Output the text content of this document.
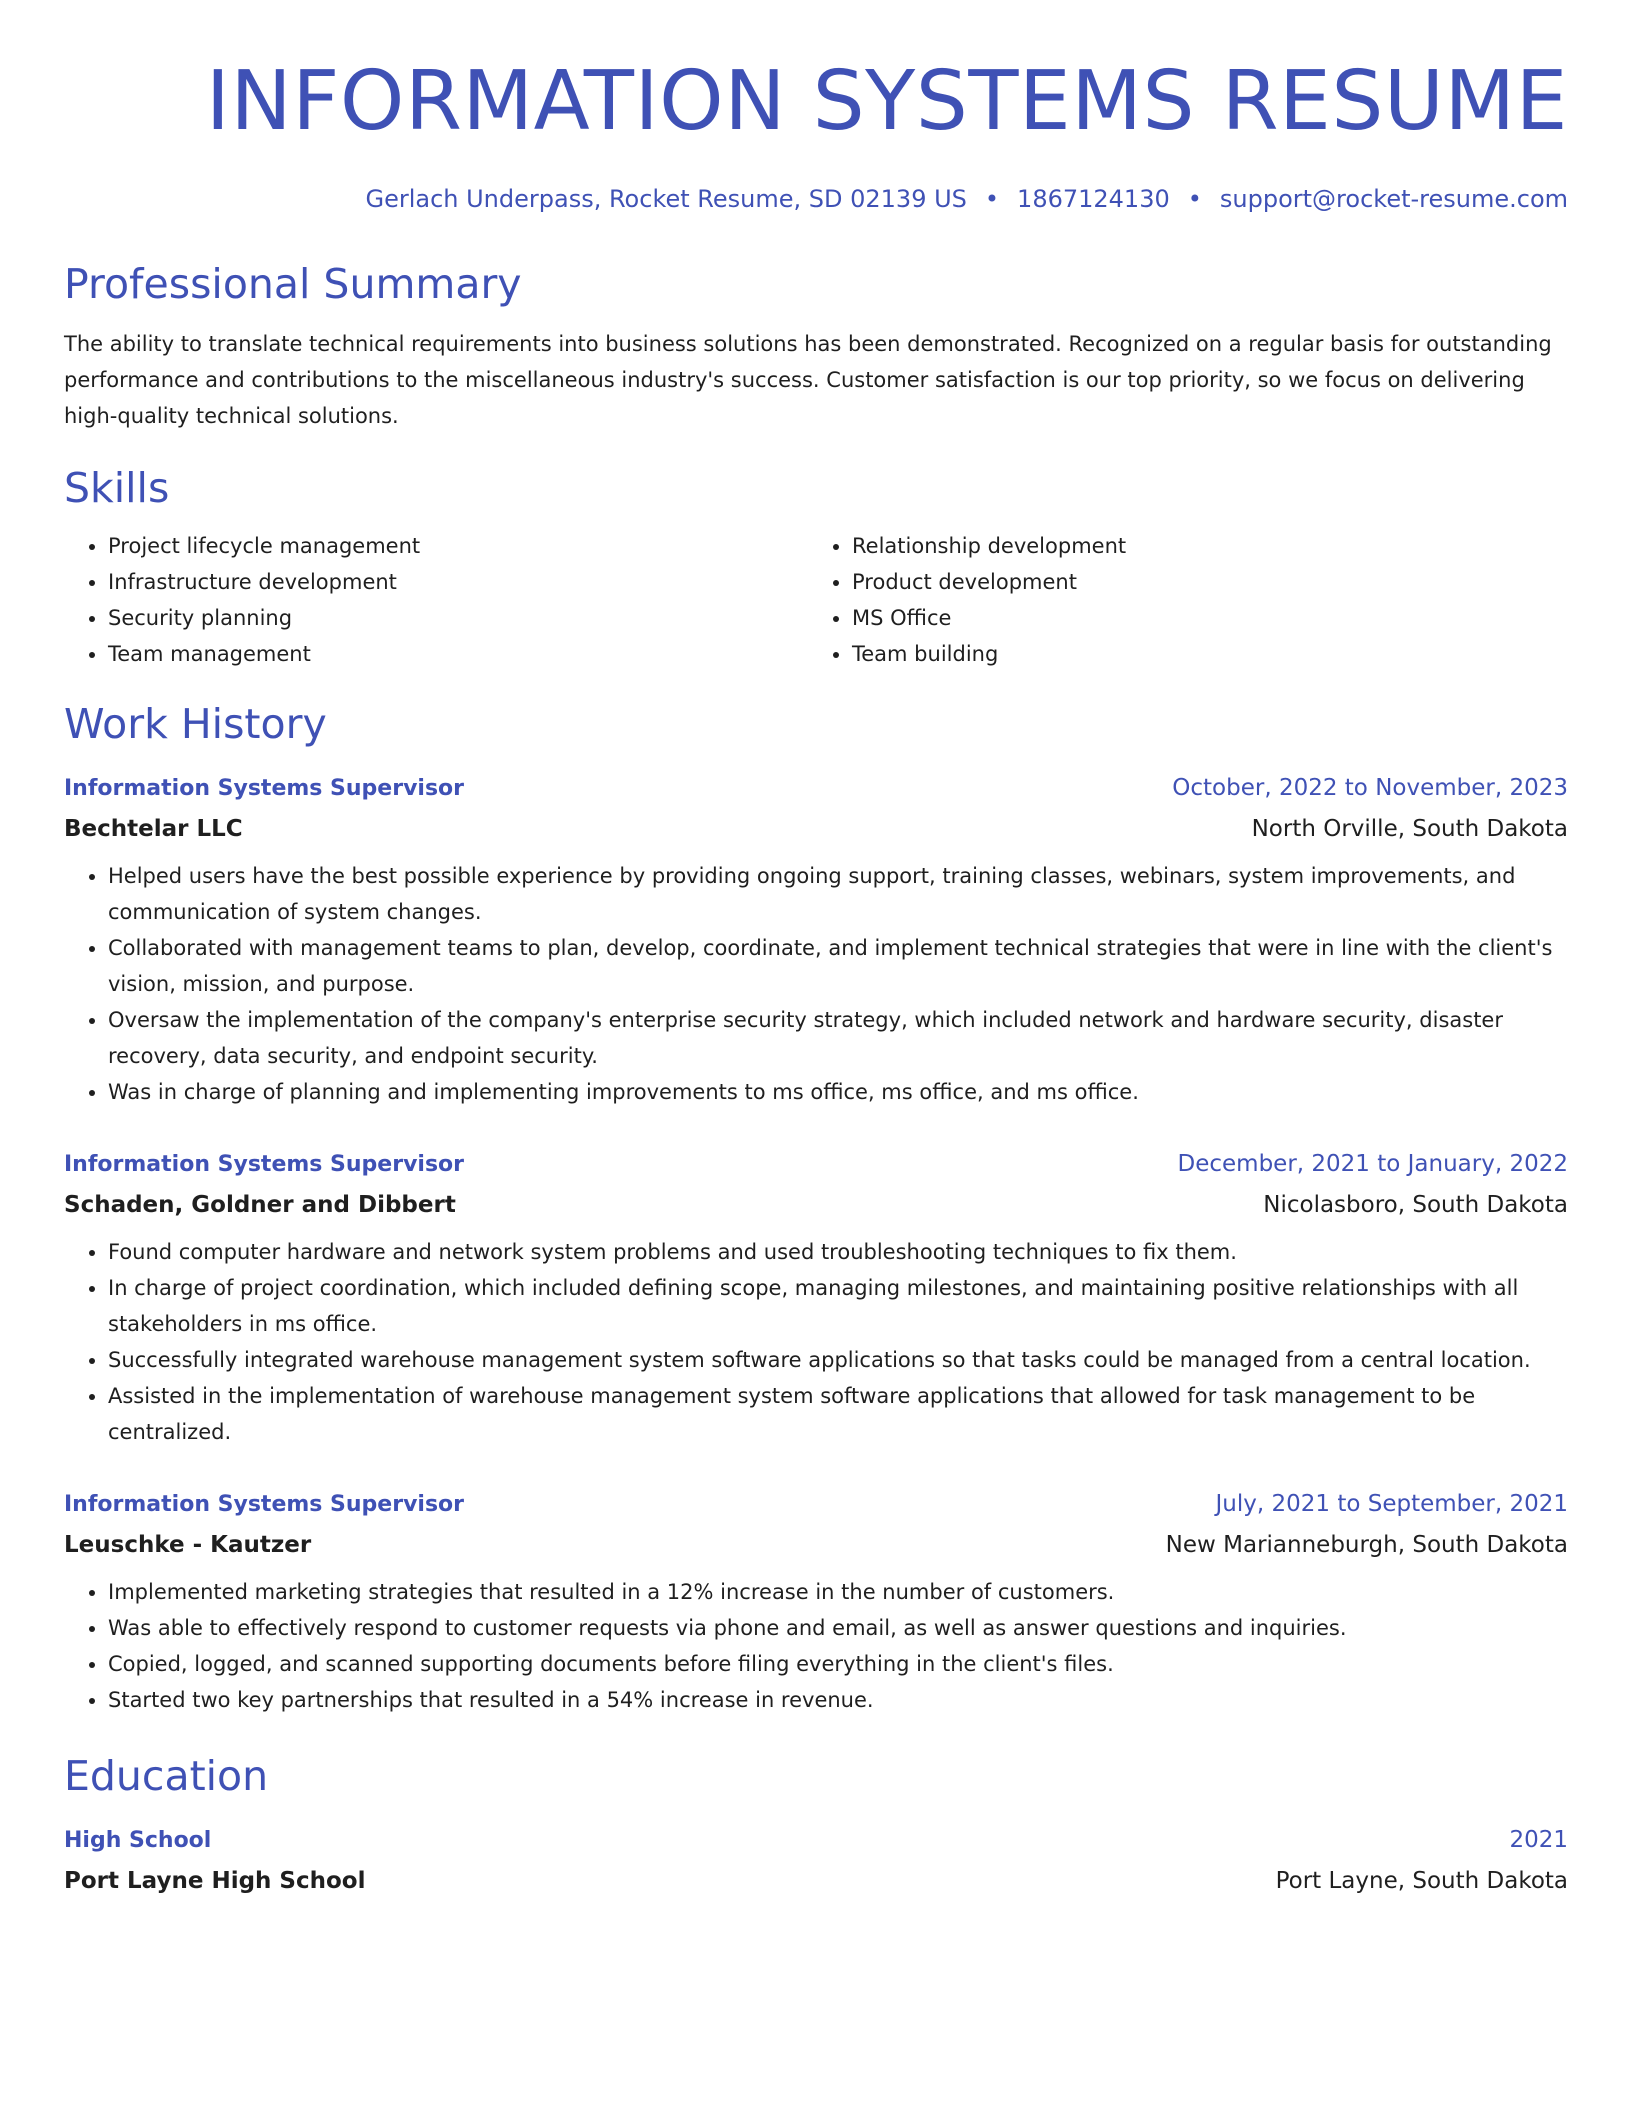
INFORMATION SYSTEMS RESUME
Gerlach Underpass, Rocket Resume, SD 02139 US • 1867124130 • support@rocket-resume.com
Professional Summary

The ability to translate technical requirements into business solutions has been demonstrated. Recognized on a regular basis for outstanding performance and contributions to the miscellaneous industry's success. Customer satisfaction is our top priority, so we focus on delivering high-quality technical solutions.

Skills
• Project lifecycle management
• Infrastructure development
• Security planning
• Team management
• Relationship development
• Product development
• MS Office
• Team building
Work History
Information Systems Supervisor	October, 2022 to November, 2023
Bechtelar LLC	North Orville, South Dakota
• Helped users have the best possible experience by providing ongoing support, training classes, webinars, system improvements, and communication of system changes.
• Collaborated with management teams to plan, develop, coordinate, and implement technical strategies that were in line with the client's vision, mission, and purpose.
• Oversaw the implementation of the company's enterprise security strategy, which included network and hardware security, disaster recovery, data security, and endpoint security.
• Was in charge of planning and implementing improvements to ms office, ms office, and ms office.
Information Systems Supervisor	December, 2021 to January, 2022
Schaden, Goldner and Dibbert	Nicolasboro, South Dakota
• Found computer hardware and network system problems and used troubleshooting techniques to fix them.
• In charge of project coordination, which included defining scope, managing milestones, and maintaining positive relationships with all stakeholders in ms office.
• Successfully integrated warehouse management system software applications so that tasks could be managed from a central location.
• Assisted in the implementation of warehouse management system software applications that allowed for task management to be centralized.
Information Systems Supervisor	July, 2021 to September, 2021
Leuschke - Kautzer	New Marianneburgh, South Dakota
• Implemented marketing strategies that resulted in a 12% increase in the number of customers.
• Was able to effectively respond to customer requests via phone and email, as well as answer questions and inquiries.
• Copied, logged, and scanned supporting documents before filing everything in the client's files.
• Started two key partnerships that resulted in a 54% increase in revenue.
Education
High School	2021
Port Layne High School	Port Layne, South Dakota
